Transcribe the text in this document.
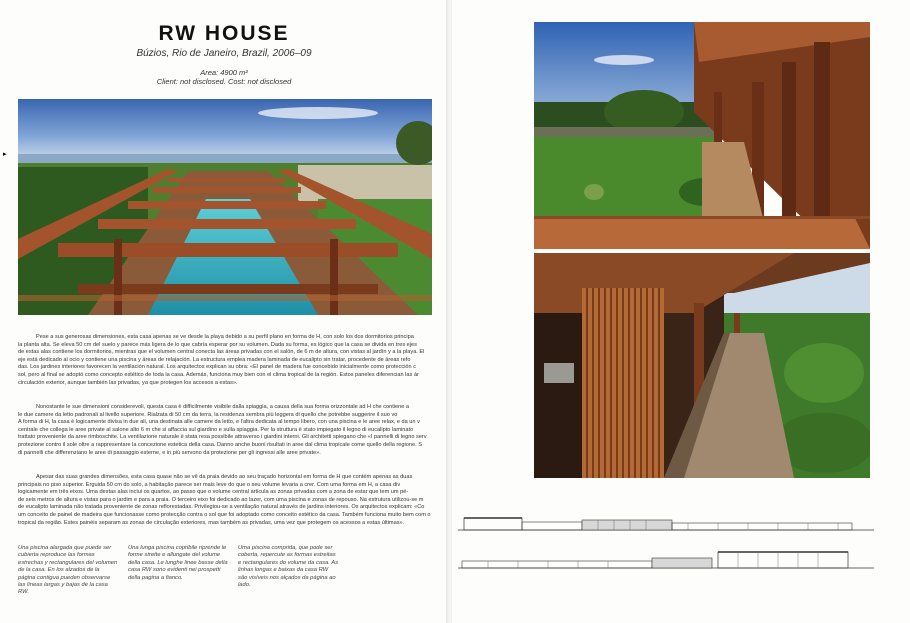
RW HOUSE
Búzios, Rio de Janeiro, Brazil, 2006–09
Area: 4900 m²
Client: not disclosed. Cost: not disclosed
▸
Pese a sus generosas dimensiones, esta casa apenas se ve desde la playa debido a su perfil plano en forma de H, con solo los dos dormitorios principa
la planta alta. Se eleva 50 cm del suelo y parece más ligera de lo que cabría esperar por su volumen. Dada su forma, es lógico que la casa se divida en tres ejes
de estas alas contiene los dormitorios, mientras que el volumen central conecta las áreas privadas con el salón, de 6 m de altura, con vistas al jardín y a la playa. El
eje está dedicado al ocio y contiene una piscina y áreas de relajación. La estructura emplea madera laminada de eucalipto sin tratar, procedente de áreas refo
das. Los jardines interiores favorecen la ventilación natural. Los arquitectos explican su obra: «El panel de madera fue concebido inicialmente como protección c
sol, pero al final se adoptó como concepto estético de toda la casa. Además, funciona muy bien con el clima tropical de la región. Estos paneles diferencian las ár
circulación exterior, aunque también las privadas, ya que protegen los accesos a estas».
Nonostante le sue dimensioni considerevoli, questa casa è difficilmente visibile dalla spiaggia, a causa della sua forma orizzontale ad H che contiene a
le due camere da letto padronali al livello superiore. Rialzata di 50 cm da terra, la residenza sembra più leggera di quello che potrebbe suggerire il suo vo
A forma di H, la casa è logicamente divisa in due ali, una destinata alle camere da letto, e l'altra dedicata al tempo libero, con una piscina e le aree relax, e da un v
centrale che collega le aree private al salone alto 6 m che si affaccia sul giardino e sulla spiaggia. Per la struttura è stato impiegato il legno di eucalipto laminato
trattato proveniente da aree rimboschite. La ventilazione naturale è stata resa possibile attraverso i giardini interni. Gli architetti spiegano che «I pannelli di legno serv
protezione contro il sole oltre a rappresentare la concezione estetica della casa. Danno anche buoni risultati in aree dal clima tropicale come quello della regione. S
di pannelli che differenziano le aree di passaggio esterne, e in più servono da protezione per gli ingressi alle aree private».
Apesar das suas grandes dimensões, esta casa quase não se vê da praia devido ao seu traçado horizontal em forma de H que contém apenas as duas
principais no piso superior. Erguida 50 cm do solo, a habitação parece ser mais leve do que o seu volume levaria a crer. Com uma forma em H, a casa div
logicamente em três eixos. Uma destas alas inclui os quartos, ao passo que o volume central articula as zonas privadas com a zona de estar que tem um pé-
de seis metros de altura e vistas para o jardim e para a praia. O terceiro eixo foi dedicado ao lazer, com uma piscina e zonas de repouso. Na estrutura utilizou-se m
de eucalipto laminada não tratada proveniente de zonas reflorestadas. Privilegiou-se a ventilação natural através de jardins interiores. Os arquitectos explicam: «Co
um conceito de painel de madeira que funcionasse como protecção contra o sol que foi adoptado como conceito estético da casa. Também funciona muito bem com o
tropical da região. Estes painéis separam as zonas de circulação exteriores, mas também as privadas, uma vez que protegem os acessos a estas últimas».
Una piscina alargada que puede ser cubierta reproduce las formas estrechas y rectangulares del volumen de la casa. En los alzados de la página contigua pueden observarse las líneas largas y bajas de la casa RW.
Una lunga piscina copribile riprende le forme strette e allungate del volume della casa. Le lunghe linee basse della casa RW sono evidenti nei prospetti della pagina a fianco.
Uma piscina comprida, que pode ser coberta, repercute as formas estreitas e rectangulares do volume da casa. As linhas longas e baixas da casa RW são visíveis nos alçados da página ao lado.
